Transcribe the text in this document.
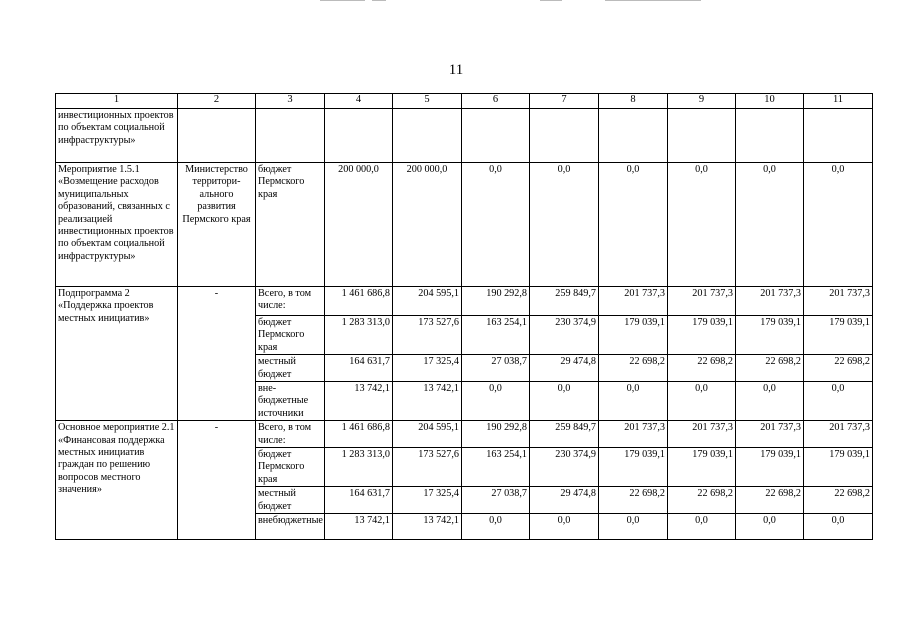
11
1	2	3	4	5	6	7	8	9	10	11
инвестиционных проектов по объектам социальной инфраструктуры»										
Мероприятие 1.5.1 «Возмещение расходов муниципальных образований, связанных с реализацией инвестиционных проектов по объектам социальной инфраструктуры»	Министерство территори-ального развития Пермского края	бюджет Пермского края	200 000,0	200 000,0	0,0	0,0	0,0	0,0	0,0	0,0
Подпрограмма 2 «Поддержка проектов местных инициатив»	-	Всего, в том числе:	1 461 686,8	204 595,1	190 292,8	259 849,7	201 737,3	201 737,3	201 737,3	201 737,3
		бюджет Пермского края	1 283 313,0	173 527,6	163 254,1	230 374,9	179 039,1	179 039,1	179 039,1	179 039,1
		местный бюджет	164 631,7	17 325,4	27 038,7	29 474,8	22 698,2	22 698,2	22 698,2	22 698,2
		вне-бюджетные источники	13 742,1	13 742,1	0,0	0,0	0,0	0,0	0,0	0,0
Основное мероприятие 2.1 «Финансовая поддержка местных инициатив граждан по решению вопросов местного значения»	-	Всего, в том числе:	1 461 686,8	204 595,1	190 292,8	259 849,7	201 737,3	201 737,3	201 737,3	201 737,3
		бюджет Пермского края	1 283 313,0	173 527,6	163 254,1	230 374,9	179 039,1	179 039,1	179 039,1	179 039,1
		местный бюджет	164 631,7	17 325,4	27 038,7	29 474,8	22 698,2	22 698,2	22 698,2	22 698,2
		внебюджетные	13 742,1	13 742,1	0,0	0,0	0,0	0,0	0,0	0,0
